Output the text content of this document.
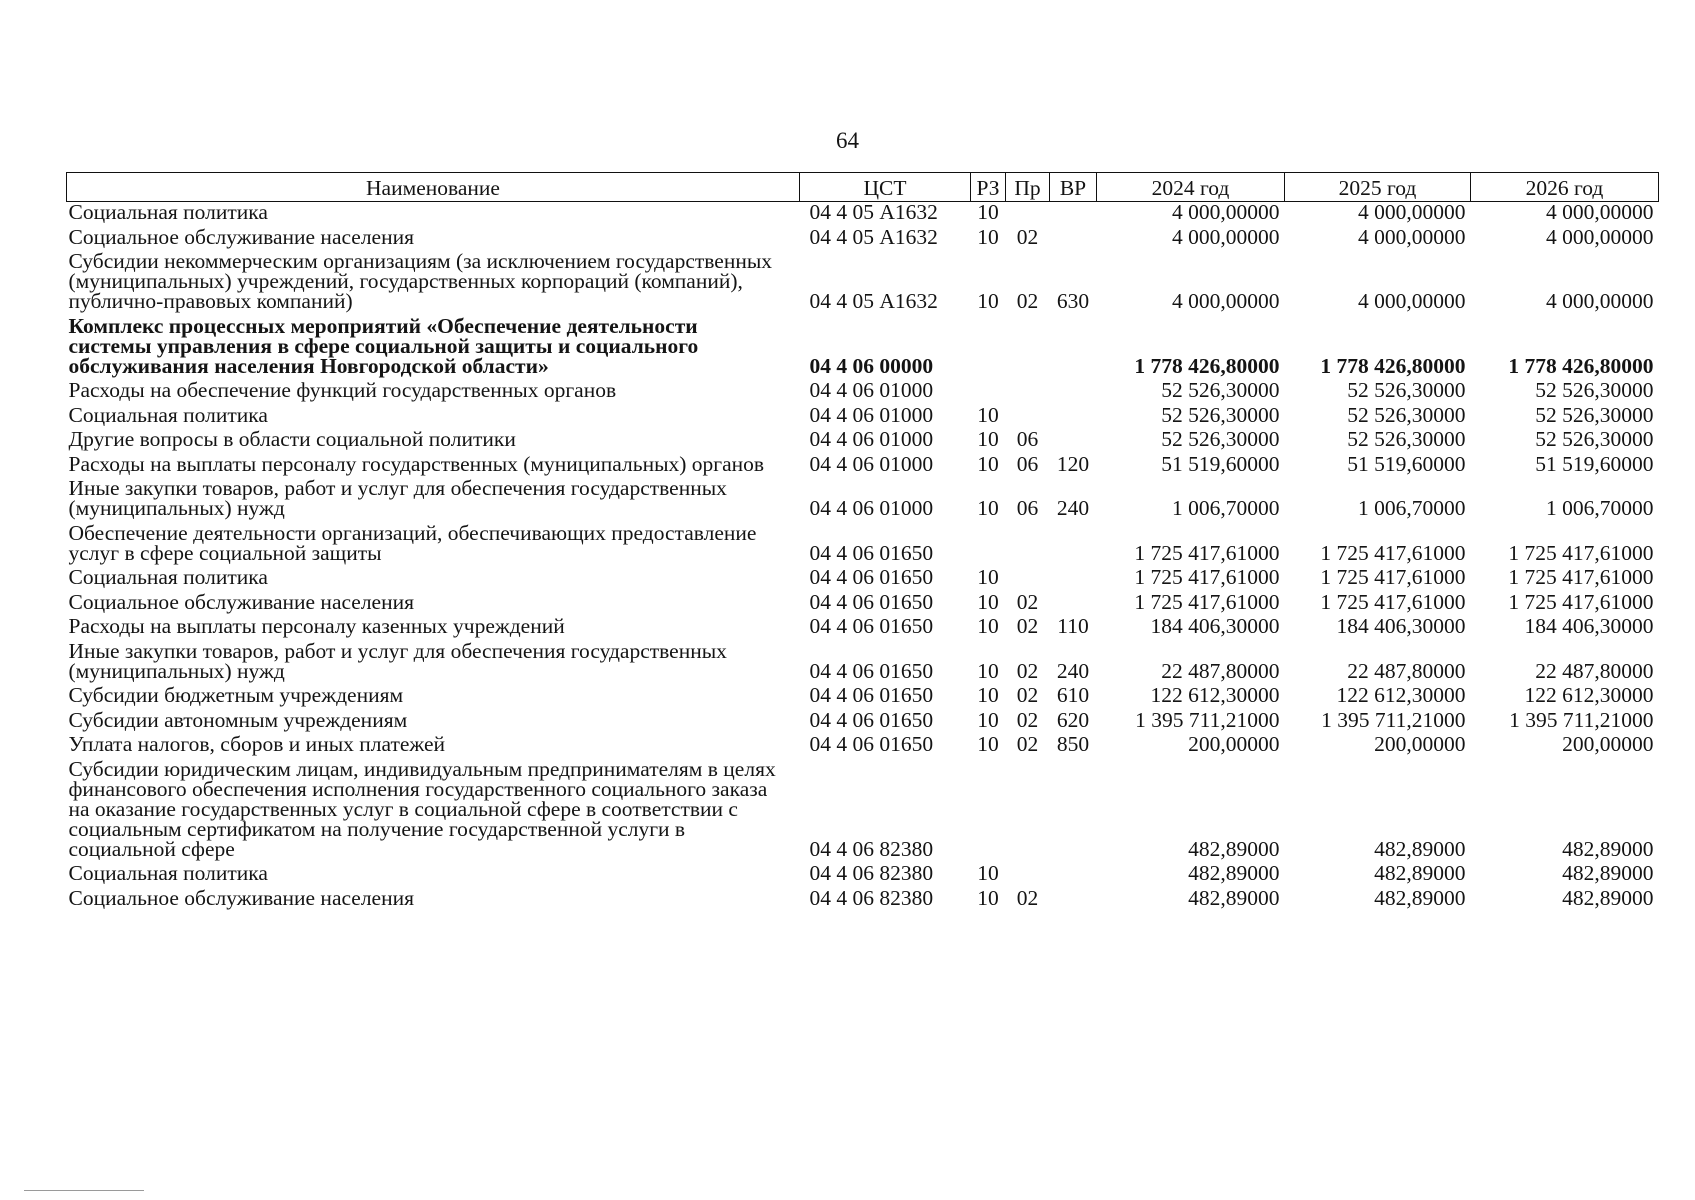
64
Наименование	ЦСТ	РЗ	Пр	ВР	2024 год	2025 год	2026 год
Социальная политика	04 4 05 А1632	10			4 000,00000	4 000,00000	4 000,00000
Социальное обслуживание населения	04 4 05 А1632	10	02		4 000,00000	4 000,00000	4 000,00000
Субсидии некоммерческим организациям (за исключением государственных (муниципальных) учреждений, государственных корпораций (компаний), публично-правовых компаний)	04 4 05 А1632	10	02	630	4 000,00000	4 000,00000	4 000,00000
Комплекс процессных мероприятий «Обеспечение деятельности системы управления в сфере социальной защиты и социального обслуживания населения Новгородской области»	04 4 06 00000				1 778 426,80000	1 778 426,80000	1 778 426,80000
Расходы на обеспечение функций государственных органов	04 4 06 01000				52 526,30000	52 526,30000	52 526,30000
Социальная политика	04 4 06 01000	10			52 526,30000	52 526,30000	52 526,30000
Другие вопросы в области социальной политики	04 4 06 01000	10	06		52 526,30000	52 526,30000	52 526,30000
Расходы на выплаты персоналу государственных (муниципальных) органов	04 4 06 01000	10	06	120	51 519,60000	51 519,60000	51 519,60000
Иные закупки товаров, работ и услуг для обеспечения государственных (муниципальных) нужд	04 4 06 01000	10	06	240	1 006,70000	1 006,70000	1 006,70000
Обеспечение деятельности организаций, обеспечивающих предоставление услуг в сфере социальной защиты	04 4 06 01650				1 725 417,61000	1 725 417,61000	1 725 417,61000
Социальная политика	04 4 06 01650	10			1 725 417,61000	1 725 417,61000	1 725 417,61000
Социальное обслуживание населения	04 4 06 01650	10	02		1 725 417,61000	1 725 417,61000	1 725 417,61000
Расходы на выплаты персоналу казенных учреждений	04 4 06 01650	10	02	110	184 406,30000	184 406,30000	184 406,30000
Иные закупки товаров, работ и услуг для обеспечения государственных (муниципальных) нужд	04 4 06 01650	10	02	240	22 487,80000	22 487,80000	22 487,80000
Субсидии бюджетным учреждениям	04 4 06 01650	10	02	610	122 612,30000	122 612,30000	122 612,30000
Субсидии автономным учреждениям	04 4 06 01650	10	02	620	1 395 711,21000	1 395 711,21000	1 395 711,21000
Уплата налогов, сборов и иных платежей	04 4 06 01650	10	02	850	200,00000	200,00000	200,00000
Субсидии юридическим лицам, индивидуальным предпринимателям в целях финансового обеспечения исполнения государственного социального заказа на оказание государственных услуг в социальной сфере в соответствии с социальным сертификатом на получение государственной услуги в социальной сфере	04 4 06 82380				482,89000	482,89000	482,89000
Социальная политика	04 4 06 82380	10			482,89000	482,89000	482,89000
Социальное обслуживание населения	04 4 06 82380	10	02		482,89000	482,89000	482,89000
